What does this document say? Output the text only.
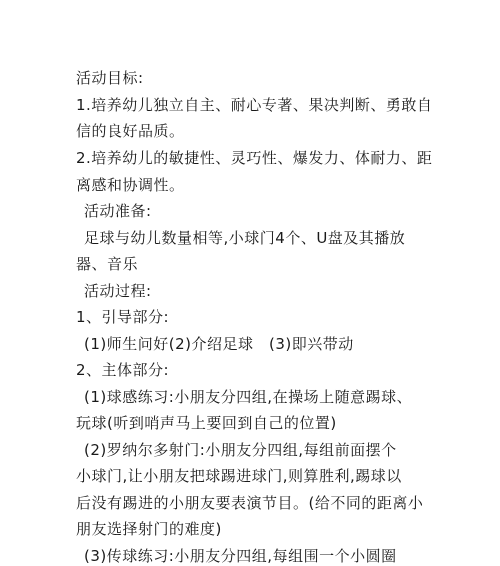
活动目标:
1.培养幼儿独立自主、耐心专著、果决判断、勇敢自
信的良好品质。
2.培养幼儿的敏捷性、灵巧性、爆发力、体耐力、距
离感和协调性。
活动准备:
足球与幼儿数量相等,小球门4个、U盘及其播放
器、音乐
活动过程:
1、引导部分:
(1)师生问好(2)介绍足球　(3)即兴带动
2、主体部分:
(1)球感练习:小朋友分四组,在操场上随意踢球、
玩球(听到哨声马上要回到自己的位置)
(2)罗纳尔多射门:小朋友分四组,每组前面摆个
小球门,让小朋友把球踢进球门,则算胜利,踢球以
后没有踢进的小朋友要表演节目。(给不同的距离小
朋友选择射门的难度)
(3)传球练习:小朋友分四组,每组围一个小圆圈
